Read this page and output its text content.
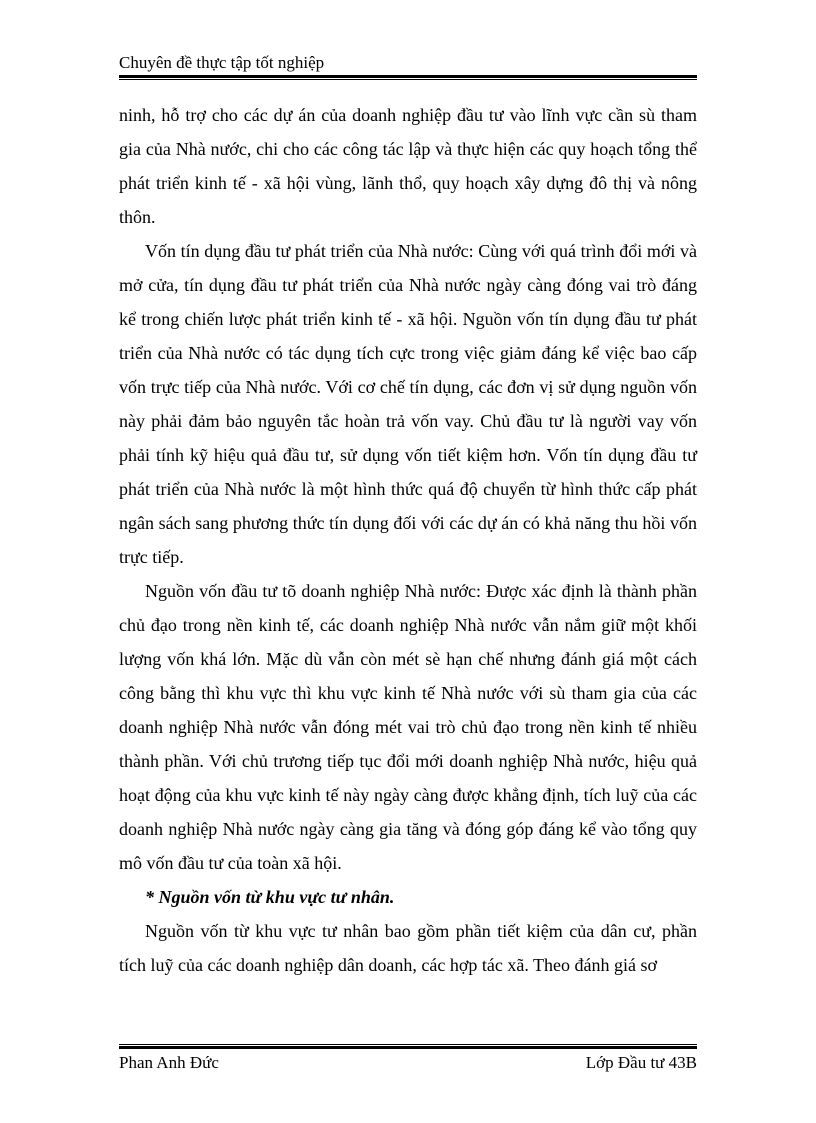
Chuyên đề thực tập tốt nghiệp

ninh, hỗ trợ cho các dự án của doanh nghiệp đầu tư vào lĩnh vực cần sù tham gia của Nhà nước, chi cho các công tác lập và thực hiện các quy hoạch tổng thể phát triển kinh tế - xã hội vùng, lãnh thổ, quy hoạch xây dựng đô thị và nông thôn.

Vốn tín dụng đầu tư phát triển của Nhà nước: Cùng với quá trình đổi mới và mở cửa, tín dụng đầu tư phát triển của Nhà nước ngày càng đóng vai trò đáng kể trong chiến lược phát triển kinh tế - xã hội. Nguồn vốn tín dụng đầu tư phát triển của Nhà nước có tác dụng tích cực trong việc giảm đáng kể việc bao cấp vốn trực tiếp của Nhà nước. Với cơ chế tín dụng, các đơn vị sử dụng nguồn vốn này phải đảm bảo nguyên tắc hoàn trả vốn vay. Chủ đầu tư là người vay vốn phải tính kỹ hiệu quả đầu tư, sử dụng vốn tiết kiệm hơn. Vốn tín dụng đầu tư phát triển của Nhà nước là một hình thức quá độ chuyển từ hình thức cấp phát ngân sách sang phương thức tín dụng đối với các dự án có khả năng thu hồi vốn trực tiếp.

Nguồn vốn đầu tư tõ doanh nghiệp Nhà nước: Được xác định là thành phần chủ đạo trong nền kinh tế, các doanh nghiệp Nhà nước vẫn nắm giữ một khối lượng vốn khá lớn. Mặc dù vẫn còn mét sè hạn chế nhưng đánh giá một cách công bằng thì khu vực thì khu vực kinh tế Nhà nước với sù tham gia của các doanh nghiệp Nhà nước vẫn đóng mét vai trò chủ đạo trong nền kinh tế nhiều thành phần. Với chủ trương tiếp tục đổi mới doanh nghiệp Nhà nước, hiệu quả hoạt động của khu vực kinh tế này ngày càng được khẳng định, tích luỹ của các doanh nghiệp Nhà nước ngày càng gia tăng và đóng góp đáng kể vào tổng quy mô vốn đầu tư của toàn xã hội.

* Nguồn vốn từ khu vực tư nhân.

Nguồn vốn từ khu vực tư nhân bao gồm phần tiết kiệm của dân cư, phần tích luỹ của các doanh nghiệp dân doanh, các hợp tác xã. Theo đánh giá sơ

Phan Anh Đức	Lớp Đầu tư 43B
